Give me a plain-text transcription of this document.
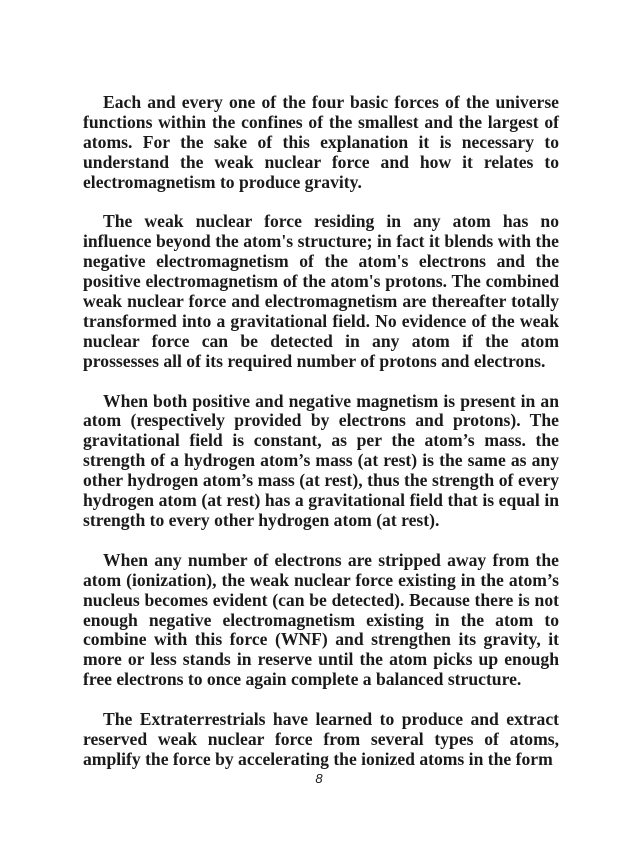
Each and every one of the four basic forces of the universe functions within the confines of the smallest and the largest of atoms. For the sake of this explanation it is necessary to understand the weak nuclear force and how it relates to electromagnetism to produce gravity.

The weak nuclear force residing in any atom has no influence beyond the atom's structure; in fact it blends with the negative electromagnetism of the atom's electrons and the positive electromagnetism of the atom's protons. The combined weak nuclear force and electromagnetism are thereafter totally transformed into a gravitational field. No evidence of the weak nuclear force can be detected in any atom if the atom prossesses all of its required number of protons and electrons.

When both positive and negative magnetism is present in an atom (respectively provided by electrons and protons). The gravitational field is constant, as per the atom’s mass. the strength of a hydrogen atom’s mass (at rest) is the same as any other hydrogen atom’s mass (at rest), thus the strength of every hydrogen atom (at rest) has a gravitational field that is equal in strength to every other hydrogen atom (at rest).

When any number of electrons are stripped away from the atom (ionization), the weak nuclear force existing in the atom’s nucleus becomes evident (can be detected). Because there is not enough negative electromagnetism existing in the atom to combine with this force (WNF) and strengthen its gravity, it more or less stands in reserve until the atom picks up enough free electrons to once again complete a balanced structure.

The Extraterrestrials have learned to produce and extract reserved weak nuclear force from several types of atoms, amplify the force by accelerating the ionized atoms in the form

8
